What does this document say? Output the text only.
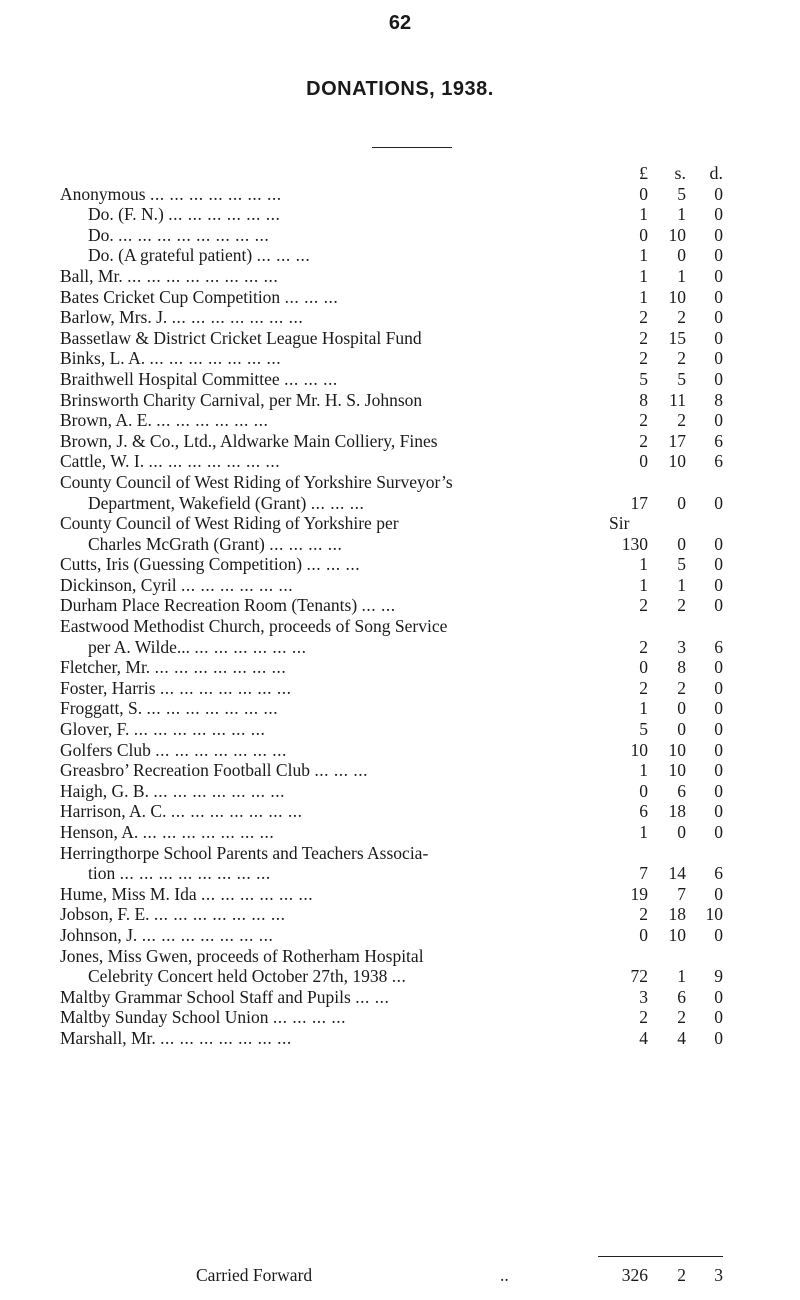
62
DONATIONS, 1938.
£	s.	d.
Anonymous ... ... ... ... ... ... ...	0	5	0
Do. (F. N.) ... ... ... ... ... ...	1	1	0
Do. ... ... ... ... ... ... ... ...	0	10	0
Do. (A grateful patient) ... ... ...	1	0	0
Ball, Mr. ... ... ... ... ... ... ... ...	1	1	0
Bates Cricket Cup Competition ... ... ...	1	10	0
Barlow, Mrs. J. ... ... ... ... ... ... ...	2	2	0
Bassetlaw & District Cricket League Hospital Fund	2	15	0
Binks, L. A. ... ... ... ... ... ... ...	2	2	0
Braithwell Hospital Committee ... ... ...	5	5	0
Brinsworth Charity Carnival, per Mr. H. S. Johnson	8	11	8
Brown, A. E. ... ... ... ... ... ...	2	2	0
Brown, J. & Co., Ltd., Aldwarke Main Colliery, Fines	2	17	6
Cattle, W. I. ... ... ... ... ... ... ...	0	10	6
County Council of West Riding of Yorkshire Surveyor’s
Department, Wakefield (Grant) ... ... ...	17	0	0
County Council of West Riding of Yorkshire per	Sir
Charles McGrath (Grant) ... ... ... ...	130	0	0
Cutts, Iris (Guessing Competition) ... ... ...	1	5	0
Dickinson, Cyril ... ... ... ... ... ...	1	1	0
Durham Place Recreation Room (Tenants) ... ...	2	2	0
Eastwood Methodist Church, proceeds of Song Service
per A. Wilde... ... ... ... ... ... ...	2	3	6
Fletcher, Mr. ... ... ... ... ... ... ...	0	8	0
Foster, Harris ... ... ... ... ... ... ...	2	2	0
Froggatt, S. ... ... ... ... ... ... ...	1	0	0
Glover, F. ... ... ... ... ... ... ...	5	0	0
Golfers Club ... ... ... ... ... ... ...	10	10	0
Greasbro’ Recreation Football Club ... ... ...	1	10	0
Haigh, G. B. ... ... ... ... ... ... ...	0	6	0
Harrison, A. C. ... ... ... ... ... ... ...	6	18	0
Henson, A. ... ... ... ... ... ... ...	1	0	0
Herringthorpe School Parents and Teachers Associa-
tion ... ... ... ... ... ... ... ...	7	14	6
Hume, Miss M. Ida ... ... ... ... ... ...	19	7	0
Jobson, F. E. ... ... ... ... ... ... ...	2	18	10
Johnson, J. ... ... ... ... ... ... ...	0	10	0
Jones, Miss Gwen, proceeds of Rotherham Hospital
Celebrity Concert held October 27th, 1938 ...	72	1	9
Maltby Grammar School Staff and Pupils ... ...	3	6	0
Maltby Sunday School Union ... ... ... ...	2	2	0
Marshall, Mr. ... ... ... ... ... ... ...	4	4	0
Carried Forward	..	326	2	3
